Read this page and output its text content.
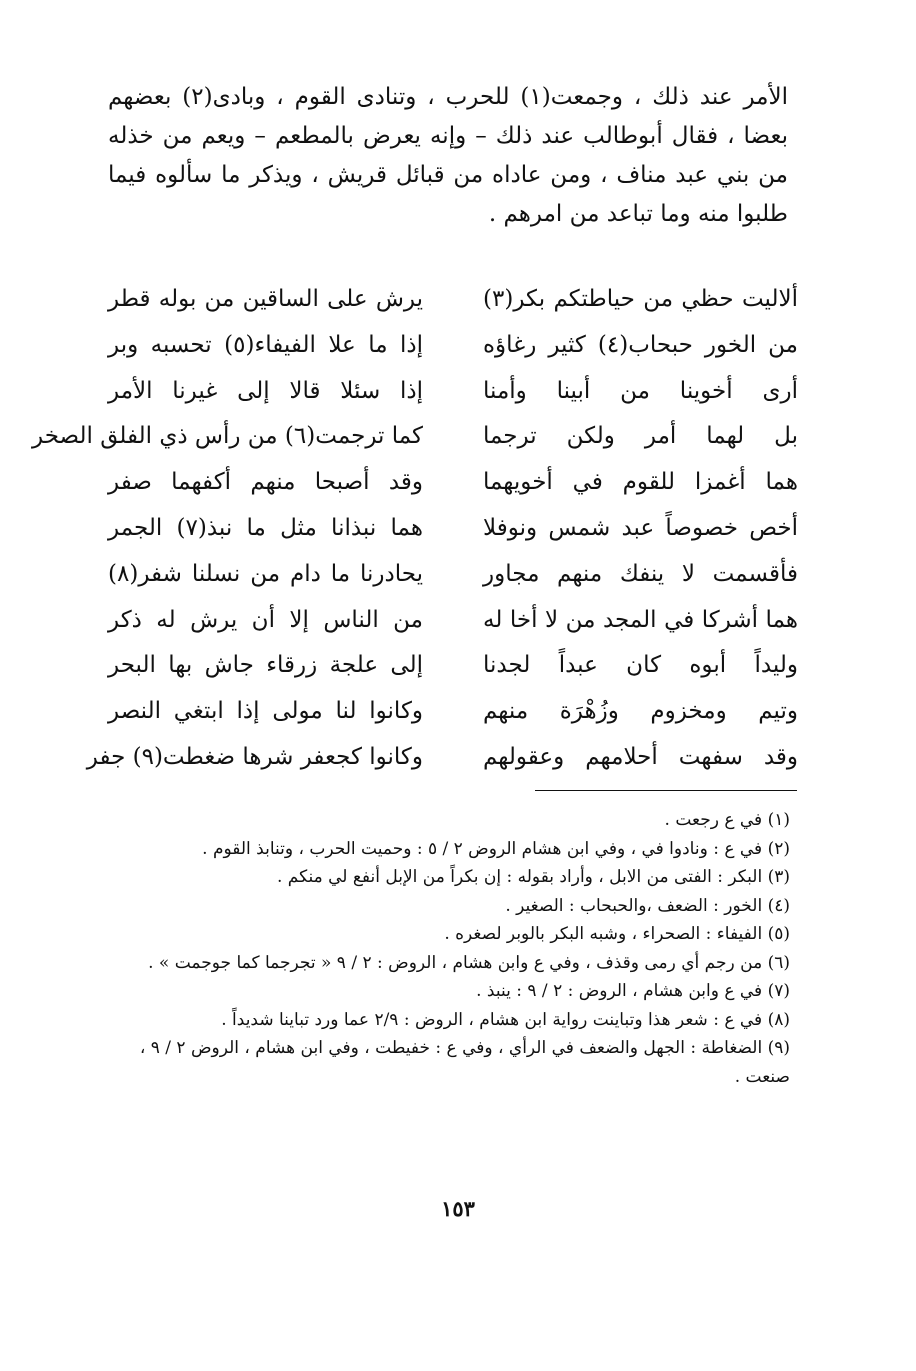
الأمر عند ذلك ، وجمعت(١) للحرب ، وتنادى القوم ، وبادى(٢) بعضهم بعضا ، فقال أبوطالب عند ذلك – وإنه يعرض بالمطعم – ويعم من خذله من بني عبد مناف ، ومن عاداه من قبائل قريش ، ويذكر ما سألوه فيما طلبوا منه وما تباعد من امرهم .

ألاليت حظي من حياطتكم بكر(٣)
من الخور حبحاب(٤) كثير رغاؤه
أرى أخوينا من أبينا وأمنا
بل لهما أمر ولكن ترجما
هما أغمزا للقوم في أخويهما
أخص خصوصاً عبد شمس ونوفلا
فأقسمت لا ينفك منهم مجاور
هما أشركا في المجد من لا أخا له
وليداً أبوه كان عبداً لجدنا
وتيم ومخزوم وزُهْرَة منهم
وقد سفهت أحلامهم وعقولهم
يرش على الساقين من بوله قطر
إذا ما علا الفيفاء(٥) تحسبه وبر
إذا سئلا قالا إلى غيرنا الأمر
كما ترجمت(٦) من رأس ذي الفلق الصخر
وقد أصبحا منهم أكفهما صفر
هما نبذانا مثل ما نبذ(٧) الجمر
يحادرنا ما دام من نسلنا شفر(٨)
من الناس إلا أن يرش له ذكر
إلى علجة زرقاء جاش بها البحر
وكانوا لنا مولى إذا ابتغي النصر
وكانوا كجعفر شرها ضغطت(٩) جفر

(١) في ع رجعت .

(٢) في ع : ونادوا في ، وفي ابن هشام الروض ٢ / ٥ : وحميت الحرب ، وتنابذ القوم .

(٣) البكر : الفتى من الابل ، وأراد بقوله : إن بكراً من الإبل أنفع لي منكم .

(٤) الخور : الضعف ،والحبحاب : الصغير .

(٥) الفيفاء : الصحراء ، وشبه البكر بالوبر لصغره .

(٦) من رجم أي رمى وقذف ، وفي ع وابن هشام ، الروض : ٢ / ٩ « تجرجما كما جوجمت » .

(٧) في ع وابن هشام ، الروض : ٢ / ٩ : ينبذ .

(٨) في ع : شعر هذا وتباينت رواية ابن هشام ، الروض : ٢/٩ عما ورد تباينا شديداً .

(٩) الضغاطة : الجهل والضعف في الرأي ، وفي ع : خفيطت ، وفي ابن هشام ، الروض ٢ / ٩ ، صنعت .

١٥٣
